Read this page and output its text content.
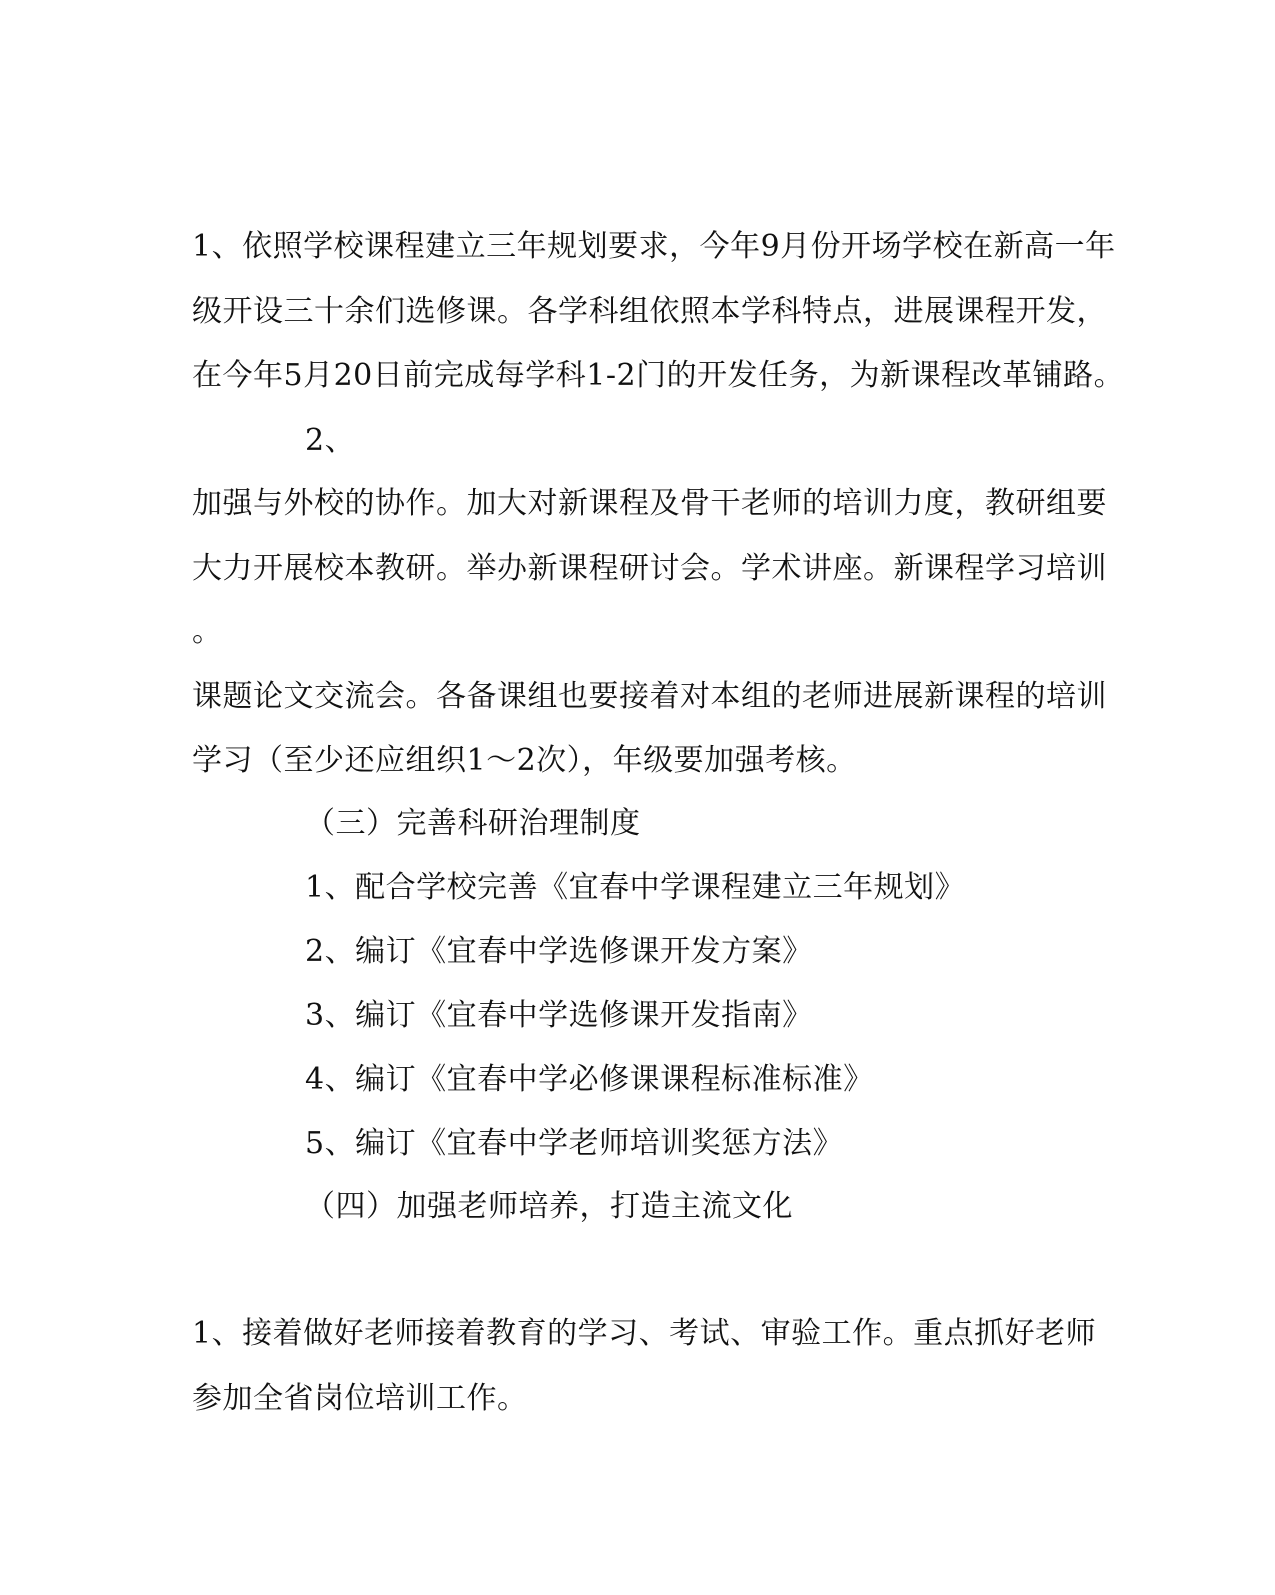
1、依照学校课程建立三年规划要求，今年9月份开场学校在新高一年
级开设三十余们选修课。各学科组依照本学科特点，进展课程开发，
在今年5月20日前完成每学科1-2门的开发任务，为新课程改革铺路。
2、
加强与外校的协作。加大对新课程及骨干老师的培训力度，教研组要
大力开展校本教研。举办新课程研讨会。学术讲座。新课程学习培训
。
课题论文交流会。各备课组也要接着对本组的老师进展新课程的培训
学习（至少还应组织1～2次），年级要加强考核。
（三）完善科研治理制度
1、配合学校完善《宜春中学课程建立三年规划》
2、编订《宜春中学选修课开发方案》
3、编订《宜春中学选修课开发指南》
4、编订《宜春中学必修课课程标准标准》
5、编订《宜春中学老师培训奖惩方法》
（四）加强老师培养，打造主流文化
1、接着做好老师接着教育的学习、考试、审验工作。重点抓好老师
参加全省岗位培训工作。
